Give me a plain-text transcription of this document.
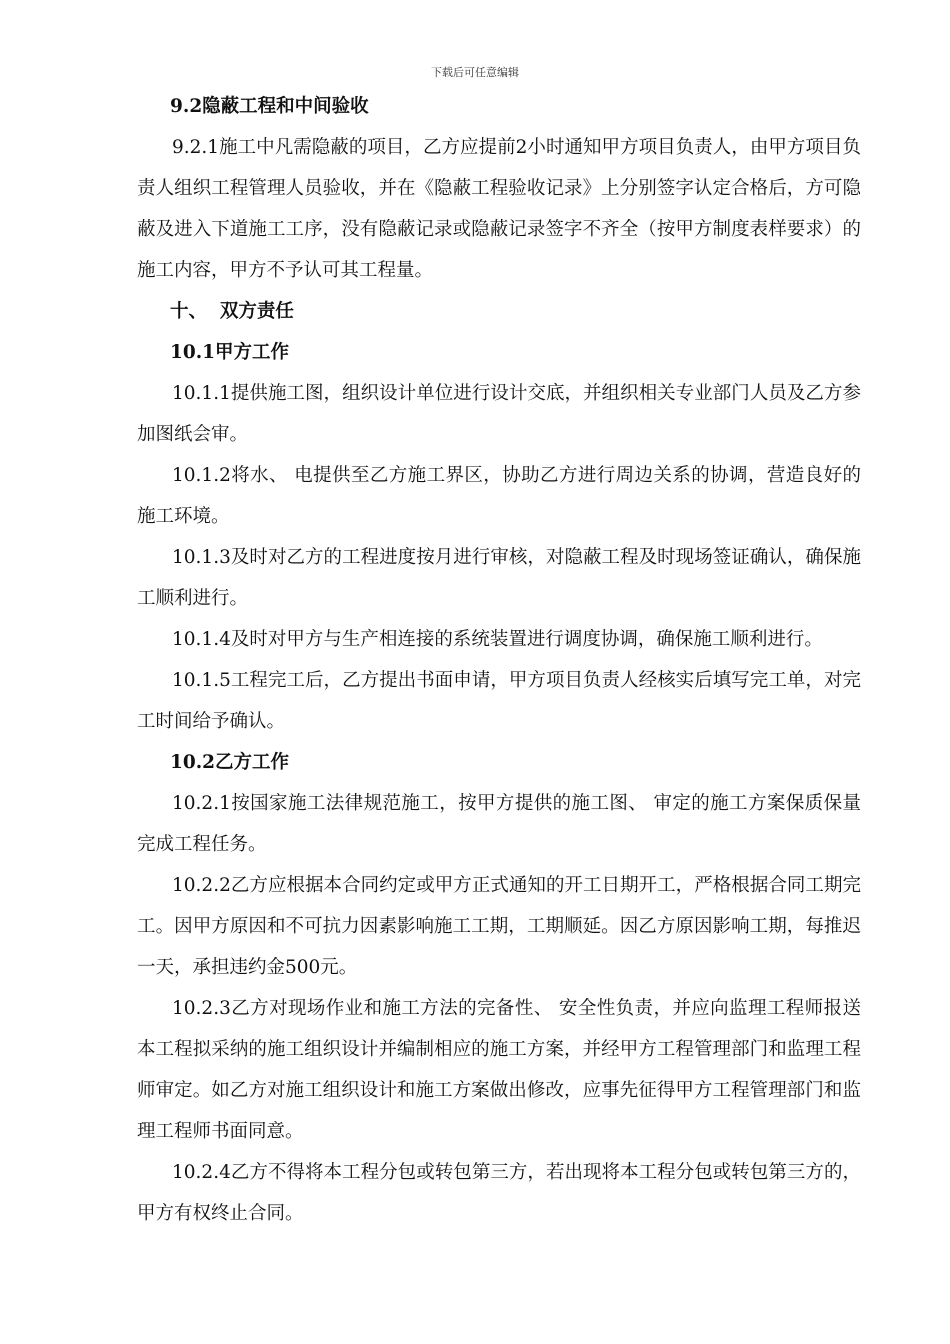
下载后可任意编辑

9.2隐蔽工程和中间验收

9.2.1施工中凡需隐蔽的项目，乙方应提前2小时通知甲方项目负责人，由甲方项目负责人组织工程管理人员验收，并在《隐蔽工程验收记录》上分别签字认定合格后，方可隐蔽及进入下道施工工序，没有隐蔽记录或隐蔽记录签字不齐全（按甲方制度表样要求）的施工内容，甲方不予认可其工程量。

十、  双方责任

10.1甲方工作

10.1.1提供施工图，组织设计单位进行设计交底，并组织相关专业部门人员及乙方参加图纸会审。

10.1.2将水、 电提供至乙方施工界区，协助乙方进行周边关系的协调，营造良好的施工环境。

10.1.3及时对乙方的工程进度按月进行审核，对隐蔽工程及时现场签证确认，确保施工顺利进行。

10.1.4及时对甲方与生产相连接的系统装置进行调度协调，确保施工顺利进行。

10.1.5工程完工后，乙方提出书面申请，甲方项目负责人经核实后填写完工单，对完工时间给予确认。

10.2乙方工作

10.2.1按国家施工法律规范施工，按甲方提供的施工图、 审定的施工方案保质保量完成工程任务。

10.2.2乙方应根据本合同约定或甲方正式通知的开工日期开工，严格根据合同工期完工。因甲方原因和不可抗力因素影响施工工期，工期顺延。因乙方原因影响工期，每推迟一天，承担违约金500元。

10.2.3乙方对现场作业和施工方法的完备性、 安全性负责，并应向监理工程师报送本工程拟采纳的施工组织设计并编制相应的施工方案，并经甲方工程管理部门和监理工程师审定。如乙方对施工组织设计和施工方案做出修改，应事先征得甲方工程管理部门和监理工程师书面同意。

10.2.4乙方不得将本工程分包或转包第三方，若出现将本工程分包或转包第三方的，甲方有权终止合同。
